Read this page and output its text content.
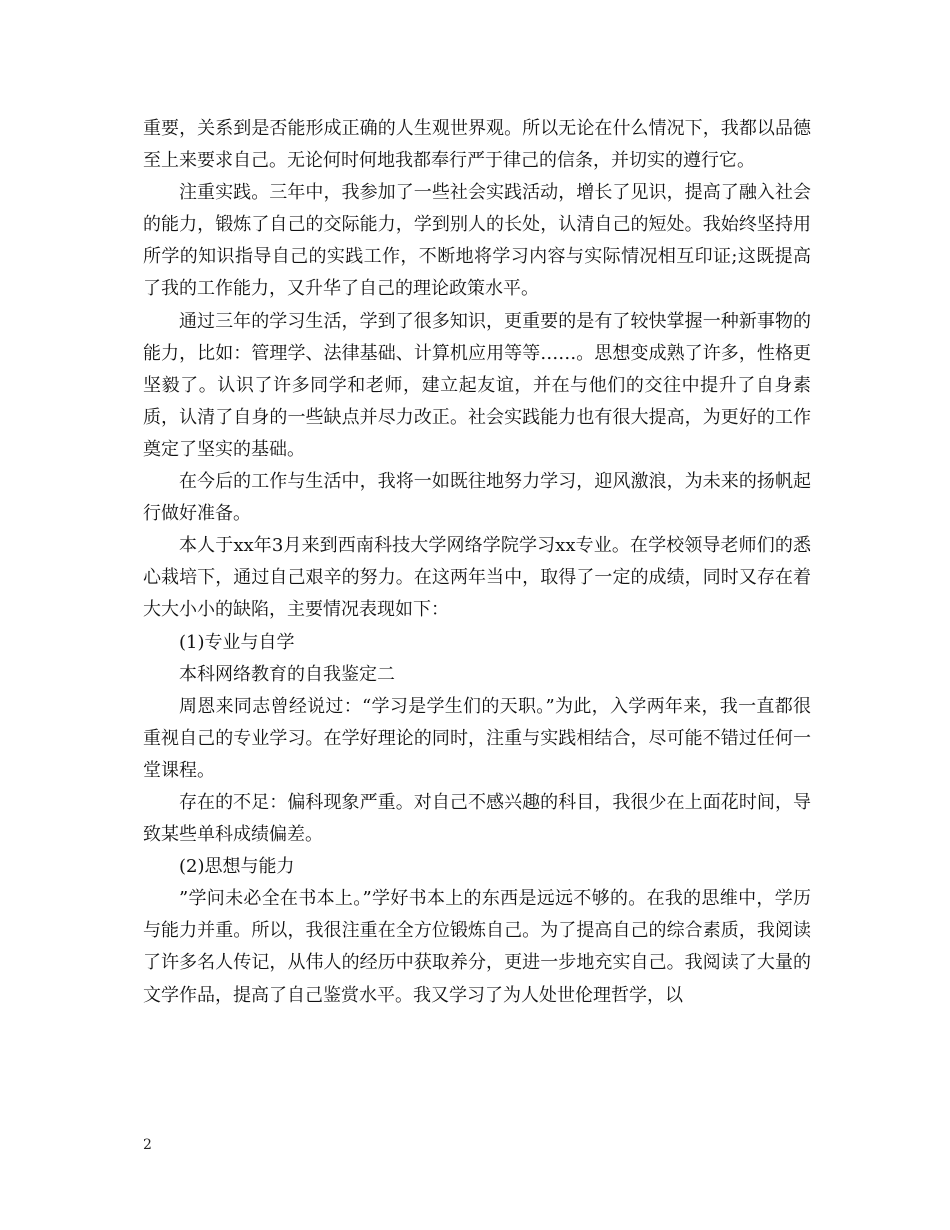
重要，关系到是否能形成正确的人生观世界观。所以无论在什么情况下，我都以品德至上来要求自己。无论何时何地我都奉行严于律己的信条，并切实的遵行它。

注重实践。三年中，我参加了一些社会实践活动，增长了见识，提高了融入社会的能力，锻炼了自己的交际能力，学到别人的长处，认清自己的短处。我始终坚持用所学的知识指导自己的实践工作，不断地将学习内容与实际情况相互印证;这既提高了我的工作能力，又升华了自己的理论政策水平。

通过三年的学习生活，学到了很多知识，更重要的是有了较快掌握一种新事物的能力，比如：管理学、法律基础、计算机应用等等……。思想变成熟了许多，性格更坚毅了。认识了许多同学和老师，建立起友谊，并在与他们的交往中提升了自身素质，认清了自身的一些缺点并尽力改正。社会实践能力也有很大提高，为更好的工作奠定了坚实的基础。

在今后的工作与生活中，我将一如既往地努力学习，迎风激浪，为未来的扬帆起行做好准备。

本人于xx年3月来到西南科技大学网络学院学习xx专业。在学校领导老师们的悉心栽培下，通过自己艰辛的努力。在这两年当中，取得了一定的成绩，同时又存在着大大小小的缺陷，主要情况表现如下：

(1)专业与自学

本科网络教育的自我鉴定二

周恩来同志曾经说过：“学习是学生们的天职。”为此，入学两年来，我一直都很重视自己的专业学习。在学好理论的同时，注重与实践相结合，尽可能不错过任何一堂课程。

存在的不足：偏科现象严重。对自己不感兴趣的科目，我很少在上面花时间，导致某些单科成绩偏差。

(2)思想与能力

”学问未必全在书本上。”学好书本上的东西是远远不够的。在我的思维中，学历与能力并重。所以，我很注重在全方位锻炼自己。为了提高自己的综合素质，我阅读了许多名人传记，从伟人的经历中获取养分，更进一步地充实自己。我阅读了大量的文学作品，提高了自己鉴赏水平。我又学习了为人处世伦理哲学，以

2
